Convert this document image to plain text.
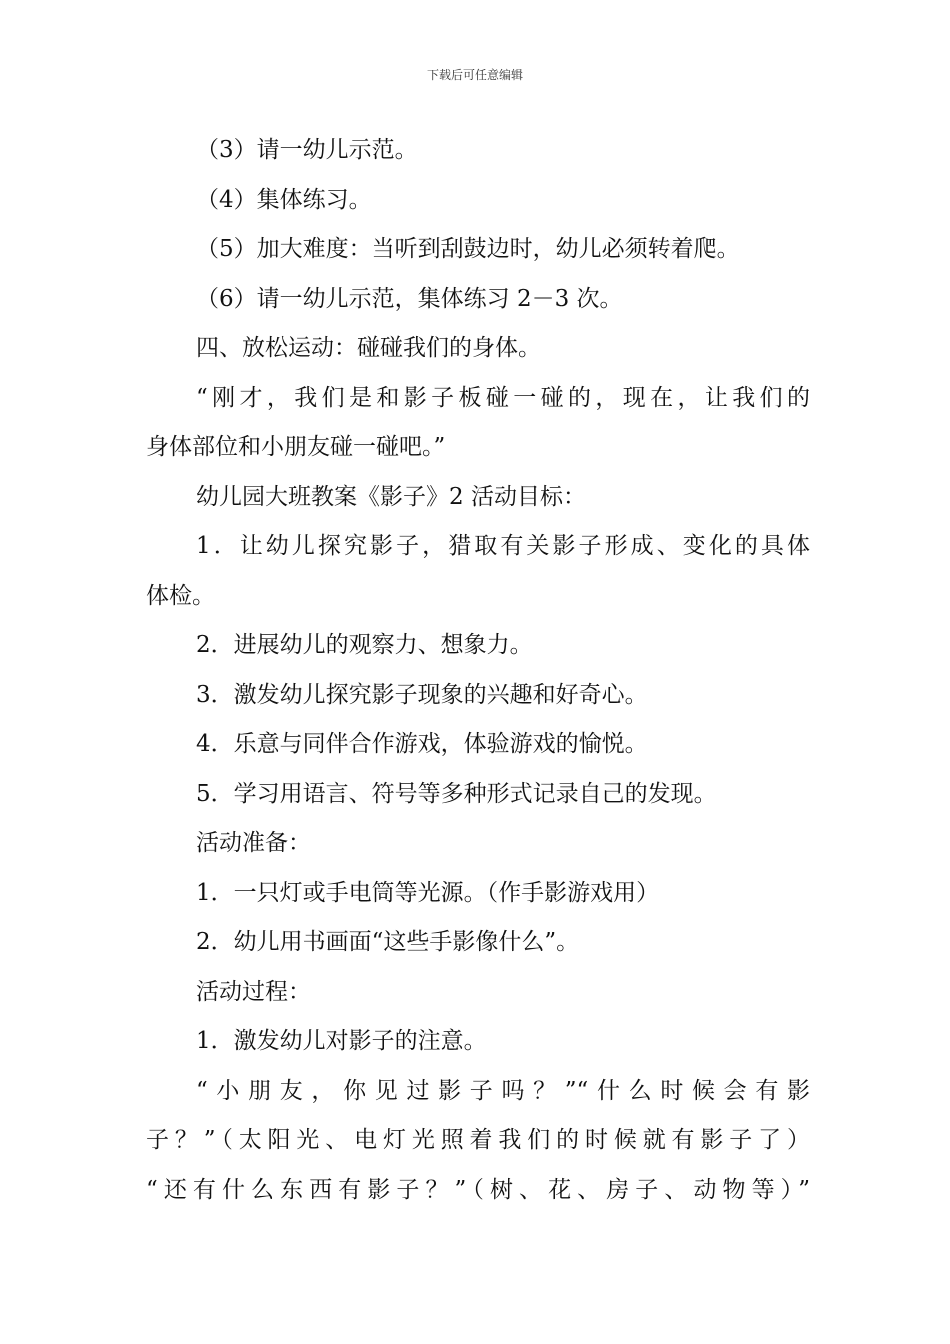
下载后可任意编辑
（3）请一幼儿示范。
（4）集体练习。
（5）加大难度：当听到刮鼓边时，幼儿必须转着爬。
（6）请一幼儿示范，集体练习 2－3 次。
四、放松运动：碰碰我们的身体。
“刚才，我们是和影子板碰一碰的，现在，让我们的
身体部位和小朋友碰一碰吧。”
幼儿园大班教案《影子》2 活动目标：
1．让幼儿探究影子，猎取有关影子形成、变化的具体
体检。
2．进展幼儿的观察力、想象力。
3．激发幼儿探究影子现象的兴趣和好奇心。
4．乐意与同伴合作游戏，体验游戏的愉悦。
5．学习用语言、符号等多种形式记录自己的发现。
活动准备：
1．一只灯或手电筒等光源。（作手影游戏用）
2．幼儿用书画面“这些手影像什么”。
活动过程：
1．激发幼儿对影子的注意。
“小朋友，你见过影子吗？”“什么时候会有影
子？”（太阳光、电灯光照着我们的时候就有影子了）
“还有什么东西有影子？”（树、花、房子、动物等）”
